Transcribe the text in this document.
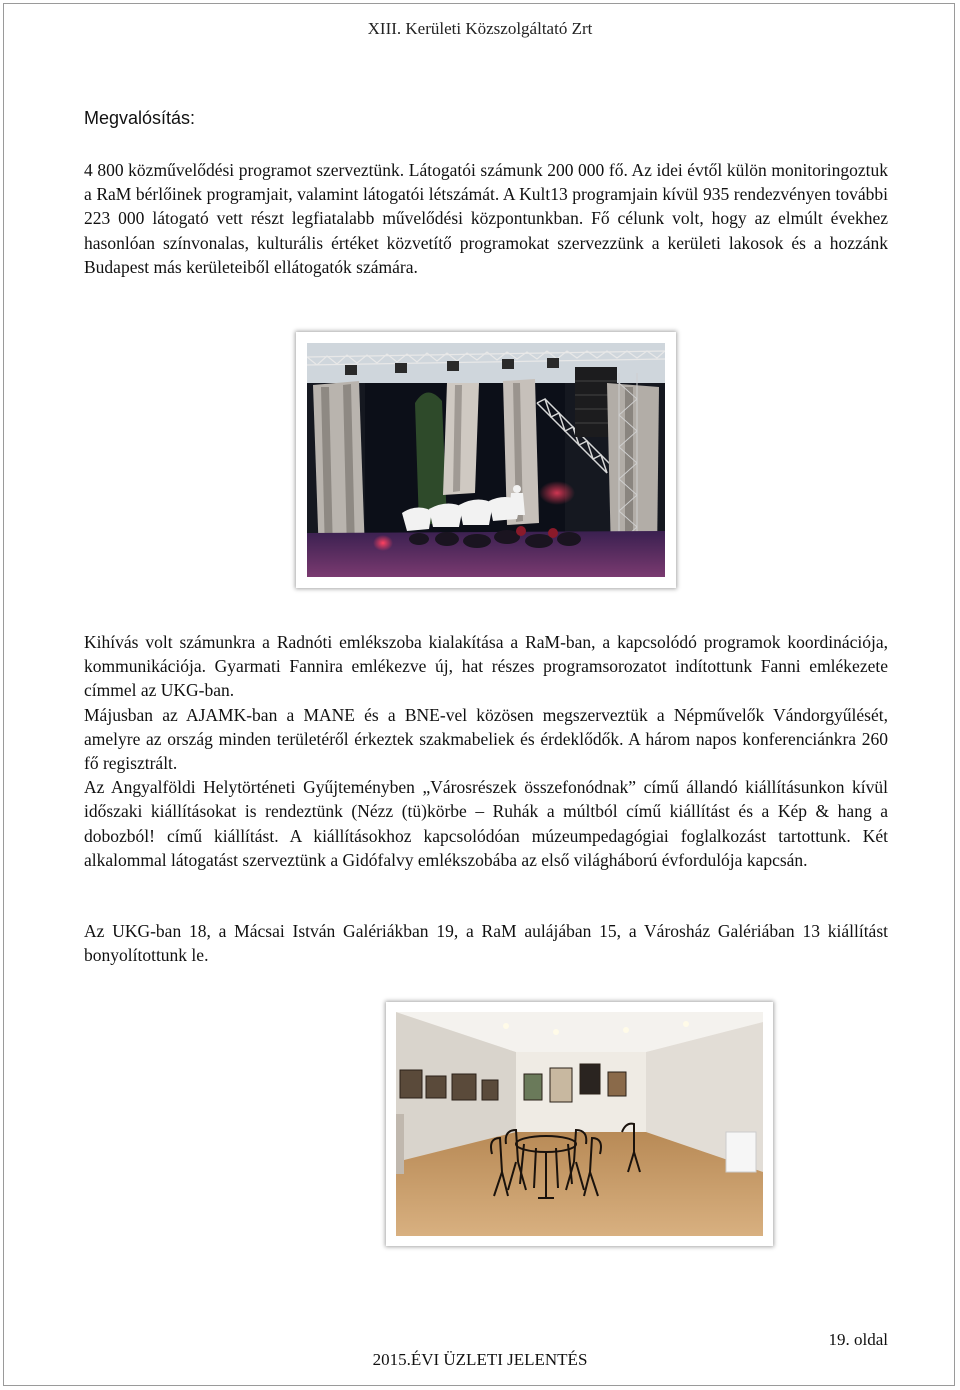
XIII. Kerületi Közszolgáltató Zrt
Megvalósítás:

4 800 közművelődési programot szerveztünk. Látogatói számunk 200 000 fő. Az idei évtől külön monitoringoztuk a RaM bérlőinek programjait, valamint látogatói létszámát. A Kult13 programjain kívül 935 rendezvényen további 223 000 látogató vett részt legfiatalabb művelődési központunkban. Fő célunk volt, hogy az elmúlt évekhez hasonlóan színvonalas, kulturális értéket közvetítő programokat szervezzünk a kerületi lakosok és a hozzánk Budapest más kerületeiből ellátogatók számára.

Kihívás volt számunkra a Radnóti emlékszoba kialakítása a RaM-ban, a kapcsolódó programok koordinációja, kommunikációja. Gyarmati Fannira emlékezve új, hat részes programsorozatot indítottunk Fanni emlékezete címmel az UKG-ban.
Májusban az AJAMK-ban a MANE és a BNE-vel közösen megszerveztük a Népművelők Vándorgyűlését, amelyre az ország minden területéről érkeztek szakmabeliek és érdeklődők. A három napos konferenciánkra 260 fő regisztrált.
Az Angyalföldi Helytörténeti Gyűjteményben „Városrészek összefonódnak” című állandó kiállításunkon kívül időszaki kiállításokat is rendeztünk (Nézz (tü)körbe – Ruhák a múltból című kiállítást és a Kép & hang a dobozból! című kiállítást. A kiállításokhoz kapcsolódóan múzeumpedagógiai foglalkozást tartottunk. Két alkalommal látogatást szerveztünk a Gidófalvy emlékszobába az első világháború évfordulója kapcsán.

Az UKG-ban 18, a Mácsai István Galériákban 19, a RaM aulájában 15, a Városház Galériában 13 kiállítást bonyolítottunk le.

19. oldal
2015.ÉVI ÜZLETI JELENTÉS
